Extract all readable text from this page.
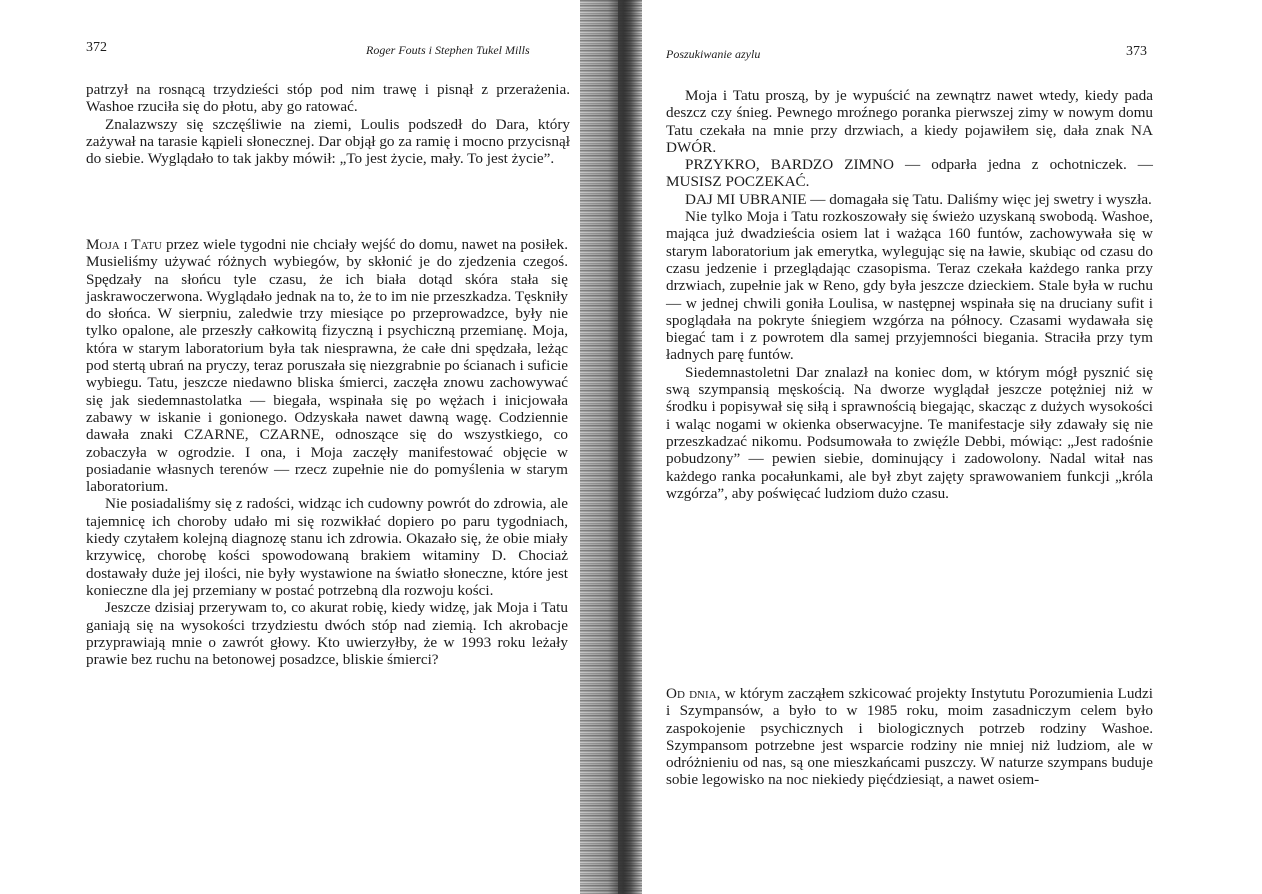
372	Roger Fouts i Stephen Tukel Mills

patrzył na rosnącą trzydzieści stóp pod nim trawę i pisnął z przerażenia. Washoe rzuciła się do płotu, aby go ratować.

Znalazwszy się szczęśliwie na ziemi, Loulis podszedł do Dara, który zażywał na tarasie kąpieli słonecznej. Dar objął go za ramię i mocno przycisnął do siebie. Wyglądało to tak jakby mówił: „To jest życie, mały. To jest życie”.

Moja i Tatu przez wiele tygodni nie chciały wejść do domu, nawet na posiłek. Musieliśmy używać różnych wybiegów, by skłonić je do zjedzenia czegoś. Spędzały na słońcu tyle czasu, że ich biała dotąd skóra stała się jaskrawoczerwona. Wyglądało jednak na to, że to im nie przeszkadza. Tęskniły do słońca. W sierpniu, zaledwie trzy miesiące po przeprowadzce, były nie tylko opalone, ale przeszły całkowitą fizyczną i psychiczną przemianę. Moja, która w starym laboratorium była tak niesprawna, że całe dni spędzała, leżąc pod stertą ubrań na pryczy, teraz poruszała się niezgrabnie po ścianach i suficie wybiegu. Tatu, jeszcze niedawno bliska śmierci, zaczęła znowu zachowywać się jak siedemnastolatka — biegała, wspinała się po wężach i inicjowała zabawy w iskanie i gonionego. Odzyskała nawet dawną wagę. Codziennie dawała znaki CZARNE, CZARNE, odnoszące się do wszystkiego, co zobaczyła w ogrodzie. I ona, i Moja zaczęły manifestować objęcie w posiadanie własnych terenów — rzecz zupełnie nie do pomyślenia w starym laboratorium.

Nie posiadaliśmy się z radości, widząc ich cudowny powrót do zdrowia, ale tajemnicę ich choroby udało mi się rozwikłać dopiero po paru tygodniach, kiedy czytałem kolejną diagnozę stanu ich zdrowia. Okazało się, że obie miały krzywicę, chorobę kości spowodowaną brakiem witaminy D. Chociaż dostawały duże jej ilości, nie były wystawione na światło słoneczne, które jest konieczne dla jej przemiany w postać potrzebną dla rozwoju kości.

Jeszcze dzisiaj przerywam to, co akurat robię, kiedy widzę, jak Moja i Tatu ganiają się na wysokości trzydziestu dwóch stóp nad ziemią. Ich akrobacje przyprawiają mnie o zawrót głowy. Kto uwierzyłby, że w 1993 roku leżały prawie bez ruchu na betonowej posadzce, bliskie śmierci?

Poszukiwanie azylu	373

Moja i Tatu proszą, by je wypuścić na zewnątrz nawet wtedy, kiedy pada deszcz czy śnieg. Pewnego mroźnego poranka pierwszej zimy w nowym domu Tatu czekała na mnie przy drzwiach, a kiedy pojawiłem się, dała znak NA DWÓR.

PRZYKRO, BARDZO ZIMNO — odparła jedna z ochotniczek. — MUSISZ POCZEKAĆ.

DAJ MI UBRANIE — domagała się Tatu. Daliśmy więc jej swetry i wyszła.

Nie tylko Moja i Tatu rozkoszowały się świeżo uzyskaną swobodą. Washoe, mająca już dwadzieścia osiem lat i ważąca 160 funtów, zachowywała się w starym laboratorium jak emerytka, wylegując się na ławie, skubiąc od czasu do czasu jedzenie i przeglądając czasopisma. Teraz czekała każdego ranka przy drzwiach, zupełnie jak w Reno, gdy była jeszcze dzieckiem. Stale była w ruchu — w jednej chwili goniła Loulisa, w następnej wspinała się na druciany sufit i spoglądała na pokryte śniegiem wzgórza na północy. Czasami wydawała się biegać tam i z powrotem dla samej przyjemności biegania. Straciła przy tym ładnych parę funtów.

Siedemnastoletni Dar znalazł na koniec dom, w którym mógł pysznić się swą szympansią męskością. Na dworze wyglądał jeszcze potężniej niż w środku i popisywał się siłą i sprawnością biegając, skacząc z dużych wysokości i waląc nogami w okienka obserwacyjne. Te manifestacje siły zdawały się nie przeszkadzać nikomu. Podsumowała to zwięźle Debbi, mówiąc: „Jest radośnie pobudzony” — pewien siebie, dominujący i zadowolony. Nadal witał nas każdego ranka pocałunkami, ale był zbyt zajęty sprawowaniem funkcji „króla wzgórza”, aby poświęcać ludziom dużo czasu.

Od dnia, w którym zacząłem szkicować projekty Instytutu Porozumienia Ludzi i Szympansów, a było to w 1985 roku, moim zasadniczym celem było zaspokojenie psychicznych i biologicznych potrzeb rodziny Washoe. Szympansom potrzebne jest wsparcie rodziny nie mniej niż ludziom, ale w odróżnieniu od nas, są one mieszkańcami puszczy. W naturze szympans buduje sobie legowisko na noc niekiedy pięćdziesiąt, a nawet osiem-
